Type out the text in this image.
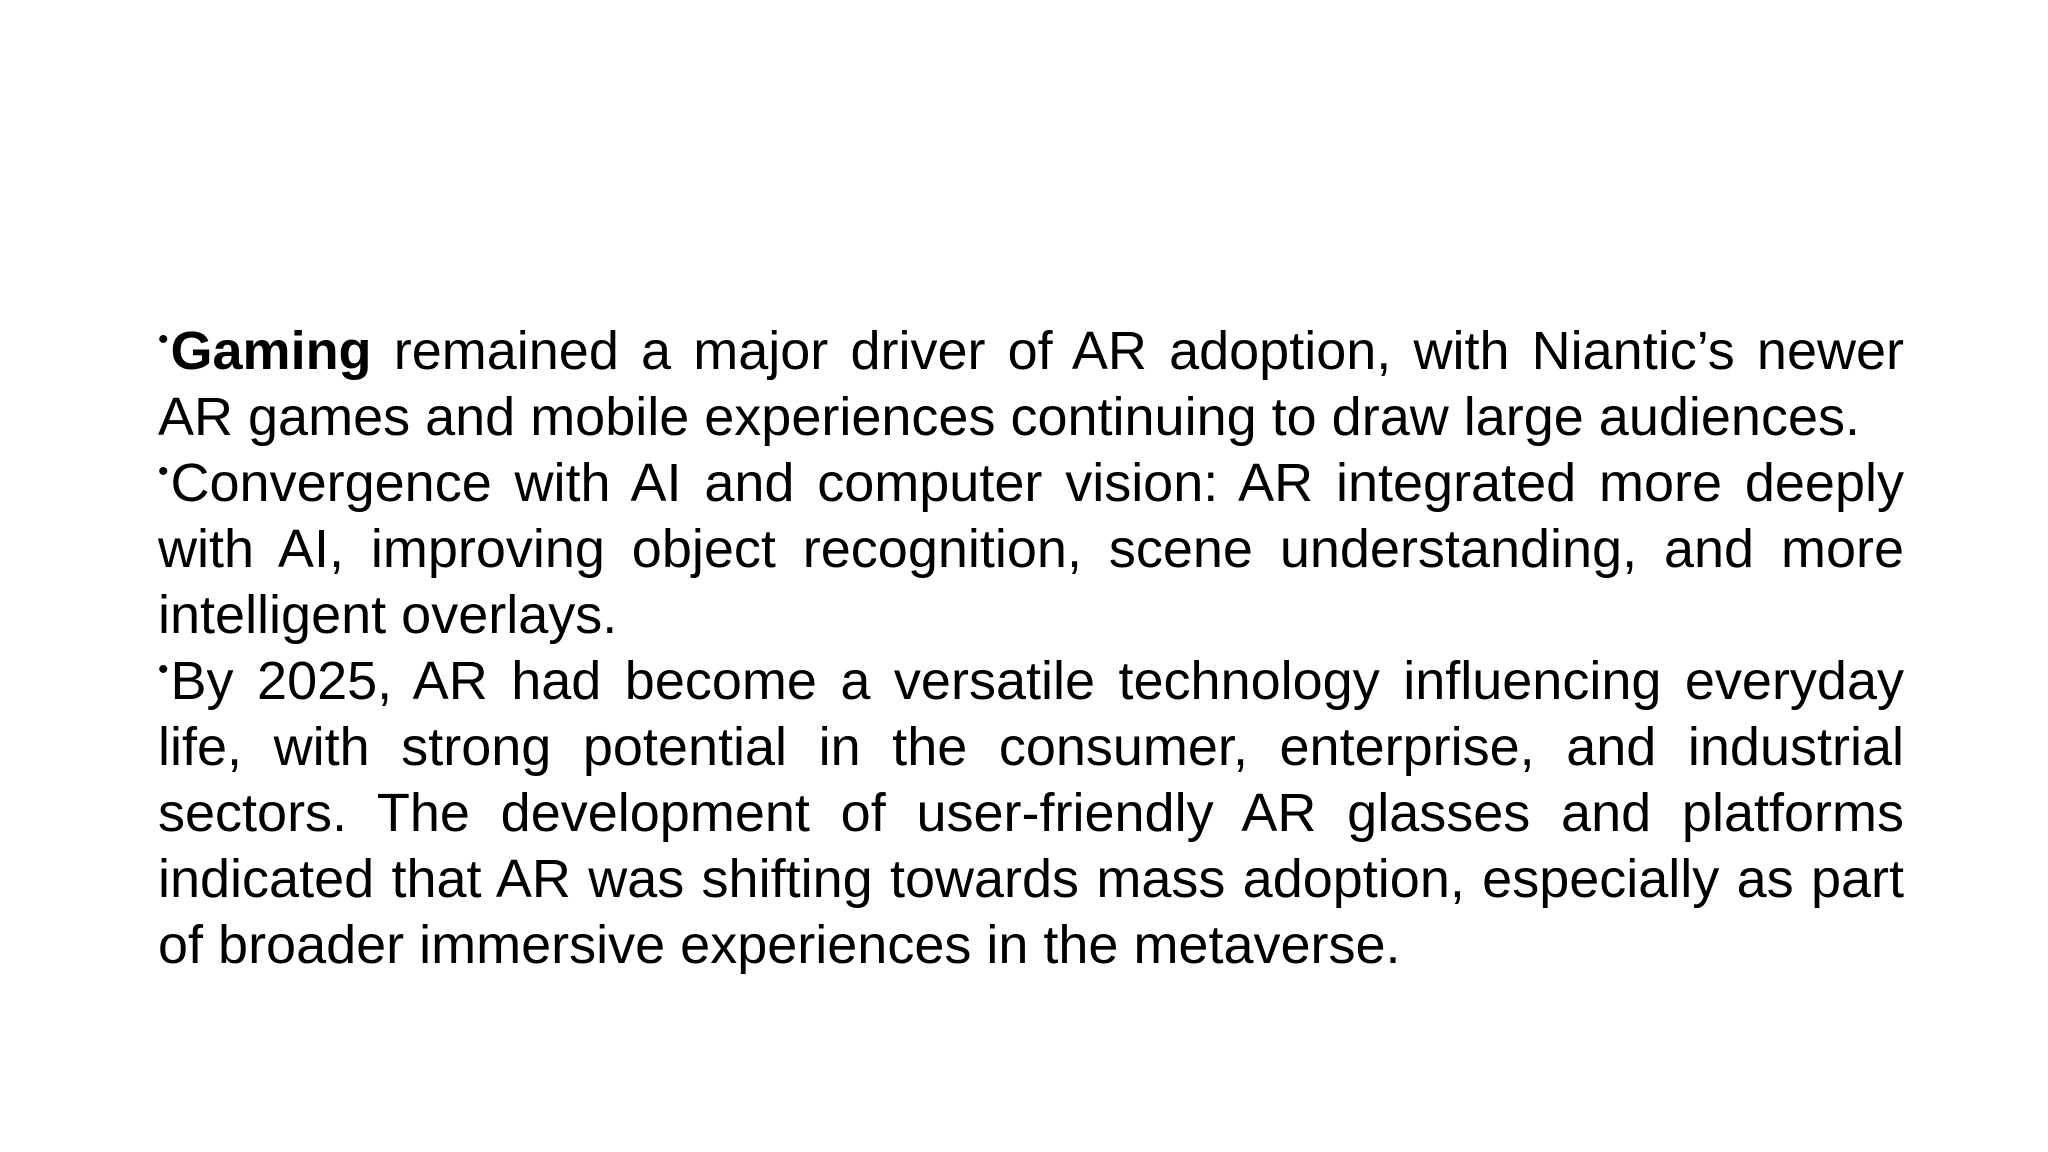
•Gaming remained a major driver of AR adoption, with Niantic’s newer AR games and mobile experiences continuing to draw large audiences.

•Convergence with AI and computer vision: AR integrated more deeply with AI, improving object recognition, scene understanding, and more intelligent overlays.

•By 2025, AR had become a versatile technology influencing everyday life, with strong potential in the consumer, enterprise, and industrial sectors. The development of user-friendly AR glasses and platforms indicated that AR was shifting towards mass adoption, especially as part of broader immersive experiences in the metaverse.
